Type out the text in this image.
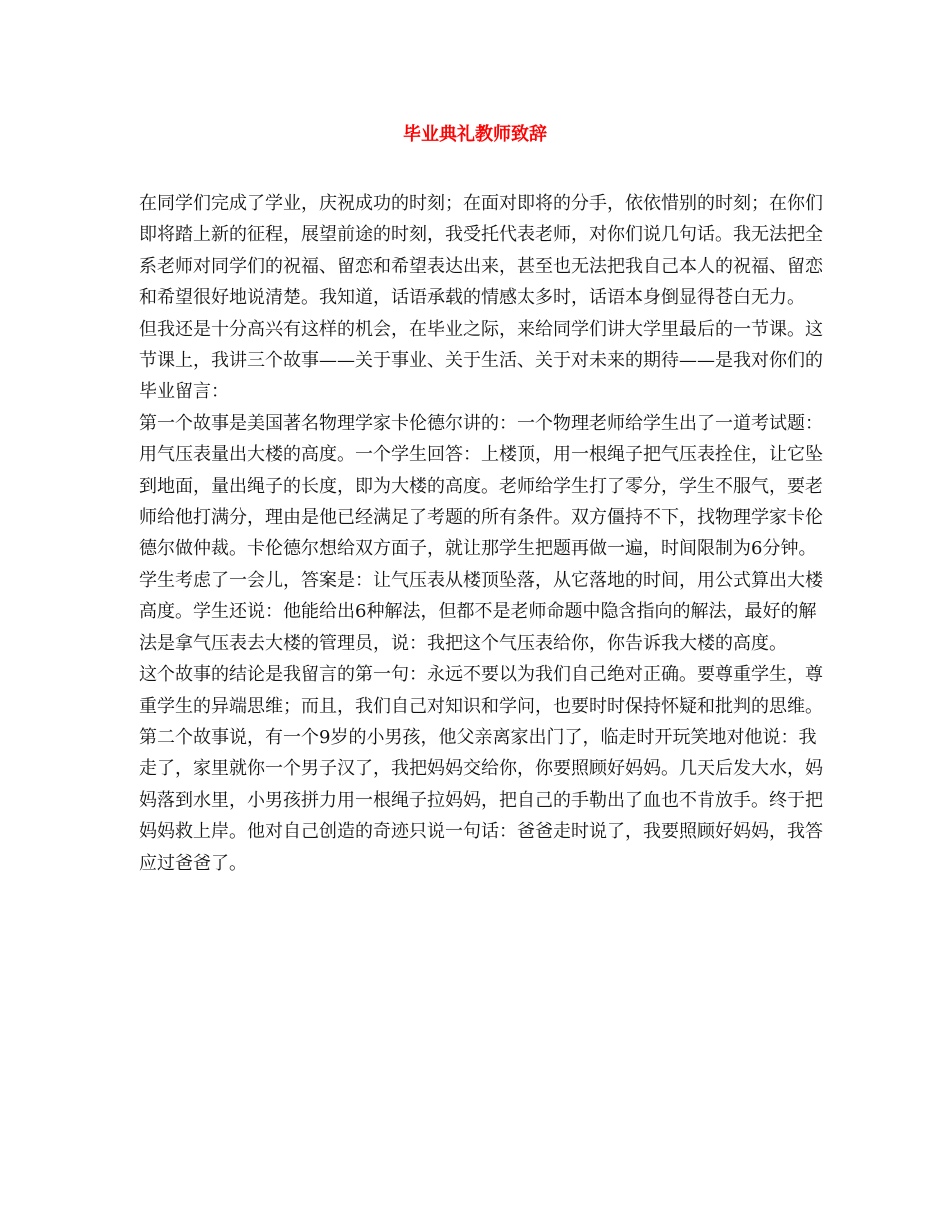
毕业典礼教师致辞

在同学们完成了学业，庆祝成功的时刻；在面对即将的分手，依依惜别的时刻；在你们即将踏上新的征程，展望前途的时刻，我受托代表老师，对你们说几句话。我无法把全系老师对同学们的祝福、留恋和希望表达出来，甚至也无法把我自己本人的祝福、留恋和希望很好地说清楚。我知道，话语承载的情感太多时，话语本身倒显得苍白无力。

但我还是十分高兴有这样的机会，在毕业之际，来给同学们讲大学里最后的一节课。这节课上，我讲三个故事——关于事业、关于生活、关于对未来的期待——是我对你们的毕业留言：

第一个故事是美国著名物理学家卡伦德尔讲的：一个物理老师给学生出了一道考试题：用气压表量出大楼的高度。一个学生回答：上楼顶，用一根绳子把气压表拴住，让它坠到地面，量出绳子的长度，即为大楼的高度。老师给学生打了零分，学生不服气，要老师给他打满分，理由是他已经满足了考题的所有条件。双方僵持不下，找物理学家卡伦德尔做仲裁。卡伦德尔想给双方面子，就让那学生把题再做一遍，时间限制为6分钟。学生考虑了一会儿，答案是：让气压表从楼顶坠落，从它落地的时间，用公式算出大楼高度。学生还说：他能给出6种解法，但都不是老师命题中隐含指向的解法，最好的解法是拿气压表去大楼的管理员，说：我把这个气压表给你，你告诉我大楼的高度。

这个故事的结论是我留言的第一句：永远不要以为我们自己绝对正确。要尊重学生，尊重学生的异端思维；而且，我们自己对知识和学问，也要时时保持怀疑和批判的思维。

第二个故事说，有一个9岁的小男孩，他父亲离家出门了，临走时开玩笑地对他说：我走了，家里就你一个男子汉了，我把妈妈交给你，你要照顾好妈妈。几天后发大水，妈妈落到水里，小男孩拼力用一根绳子拉妈妈，把自己的手勒出了血也不肯放手。终于把妈妈救上岸。他对自己创造的奇迹只说一句话：爸爸走时说了，我要照顾好妈妈，我答应过爸爸了。
